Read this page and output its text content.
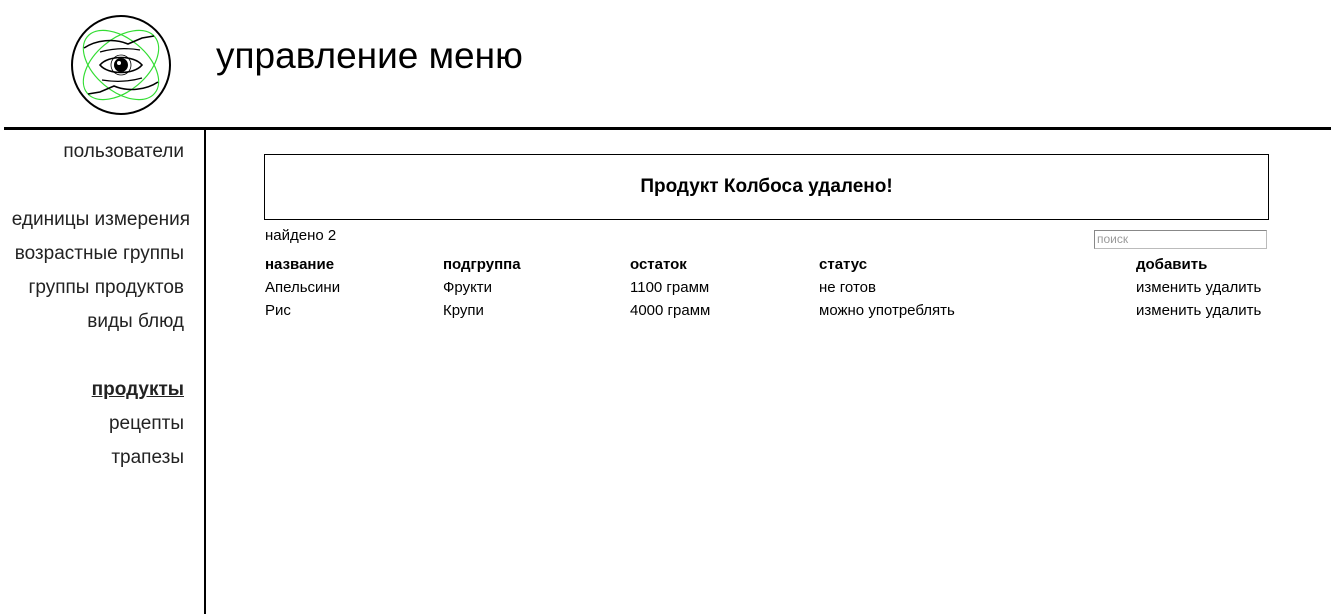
управление меню
пользователи
единицы измерения
возрастные группы
группы продуктов
виды блюд
продукты
рецепты
трапезы
Продукт Колбоса удалено!
найдено 2
поиск
название	подгруппа	остаток	статус	добавить
Апельсини	Фрукти	1100 грамм	не готов	изменить удалить
Рис	Крупи	4000 грамм	можно употреблять	изменить удалить
